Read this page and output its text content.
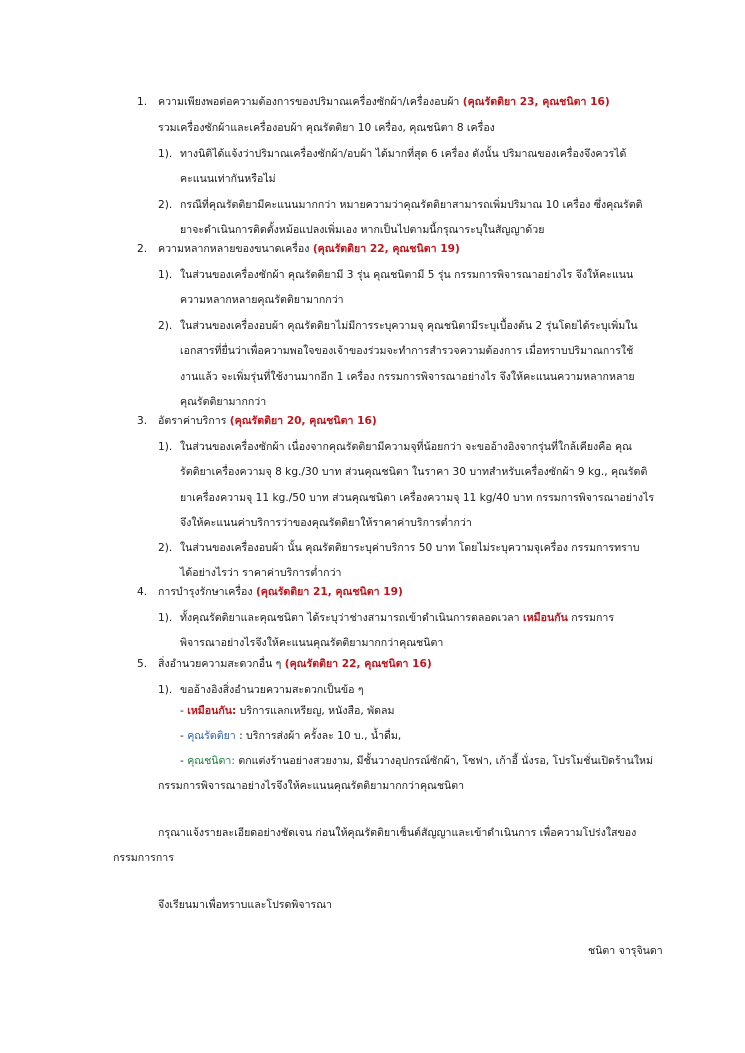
1. ความเพียงพอต่อความต้องการของปริมาณเครื่องซักผ้า/เครื่องอบผ้า (คุณรัตติยา 23, คุณชนิตา 16)
รวมเครื่องซักผ้าและเครื่องอบผ้า คุณรัตติยา 10 เครื่อง, คุณชนิตา 8 เครื่อง
1). ทางนิติได้แจ้งว่าปริมาณเครื่องซักผ้า/อบผ้า ได้มากที่สุด 6 เครื่อง ดังนั้น ปริมาณของเครื่องจึงควรได้
คะแนนเท่ากันหรือไม่
2). กรณีที่คุณรัตติยามีคะแนนมากกว่า หมายความว่าคุณรัตติยาสามารถเพิ่มปริมาณ 10 เครื่อง ซึ่งคุณรัตติ
ยาจะดำเนินการติดตั้งหม้อแปลงเพิ่มเอง หากเป็นไปตามนี้กรุณาระบุในสัญญาด้วย
2. ความหลากหลายของขนาดเครื่อง (คุณรัตติยา 22, คุณชนิตา 19)
1). ในส่วนของเครื่องซักผ้า คุณรัตติยามี 3 รุ่น คุณชนิตามี 5 รุ่น กรรมการพิจารณาอย่างไร จึงให้คะแนน
ความหลากหลายคุณรัตติยามากกว่า
2). ในส่วนของเครื่องอบผ้า คุณรัตติยาไม่มีการระบุความจุ คุณชนิตามีระบุเบื้องต้น 2 รุ่นโดยได้ระบุเพิ่มใน
เอกสารที่ยื่นว่าเพื่อความพอใจของเจ้าของร่วมจะทำการสำรวจความต้องการ เมื่อทราบปริมาณการใช้
งานแล้ว จะเพิ่มรุ่นที่ใช้งานมากอีก 1 เครื่อง กรรมการพิจารณาอย่างไร จึงให้คะแนนความหลากหลาย
คุณรัตติยามากกว่า
3. อัตราค่าบริการ (คุณรัตติยา 20, คุณชนิตา 16)
1). ในส่วนของเครื่องซักผ้า เนื่องจากคุณรัตติยามีความจุที่น้อยกว่า จะขออ้างอิงจากรุ่นที่ใกล้เคียงคือ คุณ
รัตติยาเครื่องความจุ 8 kg./30 บาท ส่วนคุณชนิตา ในราคา 30 บาทสำหรับเครื่องซักผ้า 9 kg., คุณรัตติ
ยาเครื่องความจุ 11 kg./50 บาท ส่วนคุณชนิตา เครื่องความจุ 11 kg/40 บาท กรรมการพิจารณาอย่างไร
จึงให้คะแนนค่าบริการว่าของคุณรัตติยาให้ราคาค่าบริการต่ำกว่า
2). ในส่วนของเครื่องอบผ้า นั้น คุณรัตติยาระบุค่าบริการ 50 บาท โดยไม่ระบุความจุเครื่อง กรรมการทราบ
ได้อย่างไรว่า ราคาค่าบริการต่ำกว่า
4. การบำรุงรักษาเครื่อง (คุณรัตติยา 21, คุณชนิตา 19)
1). ทั้งคุณรัตติยาและคุณชนิตา ได้ระบุว่าช่างสามารถเข้าดำเนินการตลอดเวลา เหมือนกัน กรรมการ
พิจารณาอย่างไรจึงให้คะแนนคุณรัตติยามากกว่าคุณชนิตา
5. สิ่งอำนวยความสะดวกอื่น ๆ (คุณรัตติยา 22, คุณชนิตา 16)
1). ขออ้างอิงสิ่งอำนวยความสะดวกเป็นข้อ ๆ
- เหมือนกัน: บริการแลกเหรียญ, หนังสือ, พัดลม
- คุณรัตติยา : บริการส่งผ้า ครั้งละ 10 บ., น้ำดื่ม,
- คุณชนิตา: ตกแต่งร้านอย่างสวยงาม, มีชั้นวางอุปกรณ์ซักผ้า, โซฟา, เก้าอี้ นั่งรอ, โปรโมชั่นเปิดร้านใหม่
กรรมการพิจารณาอย่างไรจึงให้คะแนนคุณรัตติยามากกว่าคุณชนิตา
กรุณาแจ้งรายละเอียดอย่างชัดเจน ก่อนให้คุณรัตติยาเซ็นต์สัญญาและเข้าดำเนินการ เพื่อความโปร่งใสของ
กรรมการการ
จึงเรียนมาเพื่อทราบและโปรดพิจารณา
ชนิตา จารุจินดา
